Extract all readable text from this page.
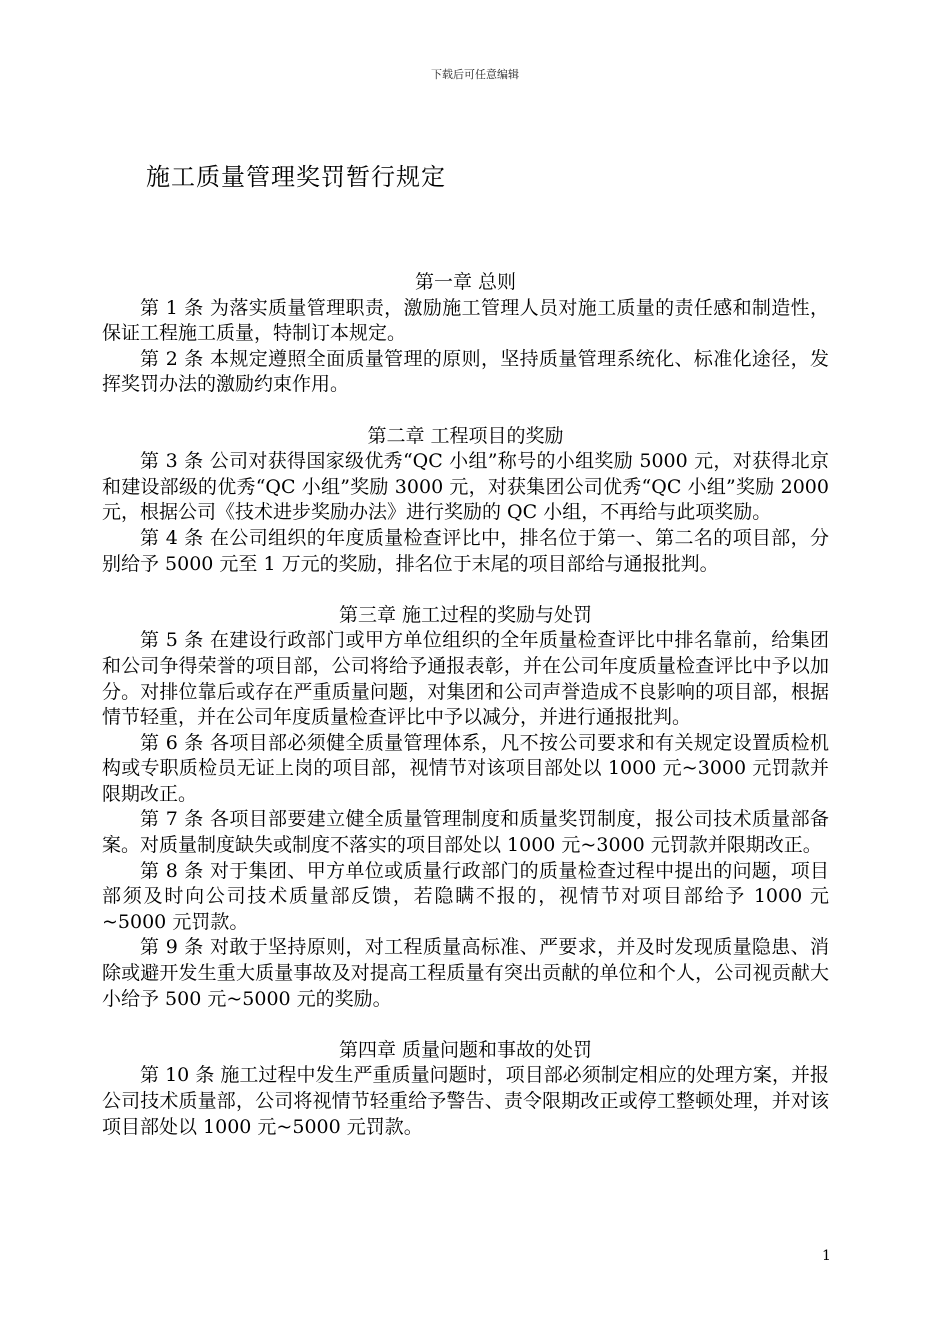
下载后可任意编辑
施工质量管理奖罚暂行规定

第一章 总则

第 1 条 为落实质量管理职责，激励施工管理人员对施工质量的责任感和制造性，保证工程施工质量，特制订本规定。

第 2 条 本规定遵照全面质量管理的原则，坚持质量管理系统化、标准化途径，发挥奖罚办法的激励约束作用。

第二章 工程项目的奖励

第 3 条 公司对获得国家级优秀“QC 小组”称号的小组奖励 5000 元，对获得北京和建设部级的优秀“QC 小组”奖励 3000 元，对获集团公司优秀“QC 小组”奖励 2000 元，根据公司《技术进步奖励办法》进行奖励的 QC 小组，不再给与此项奖励。

第 4 条 在公司组织的年度质量检查评比中，排名位于第一、第二名的项目部，分别给予 5000 元至 1 万元的奖励，排名位于末尾的项目部给与通报批判。

第三章 施工过程的奖励与处罚

第 5 条 在建设行政部门或甲方单位组织的全年质量检查评比中排名靠前，给集团和公司争得荣誉的项目部，公司将给予通报表彰，并在公司年度质量检查评比中予以加分。对排位靠后或存在严重质量问题，对集团和公司声誉造成不良影响的项目部，根据情节轻重，并在公司年度质量检查评比中予以减分，并进行通报批判。

第 6 条 各项目部必须健全质量管理体系，凡不按公司要求和有关规定设置质检机构或专职质检员无证上岗的项目部，视情节对该项目部处以 1000 元~3000 元罚款并限期改正。

第 7 条 各项目部要建立健全质量管理制度和质量奖罚制度，报公司技术质量部备案。对质量制度缺失或制度不落实的项目部处以 1000 元~3000 元罚款并限期改正。

第 8 条 对于集团、甲方单位或质量行政部门的质量检查过程中提出的问题，项目部须及时向公司技术质量部反馈，若隐瞒不报的，视情节对项目部给予 1000 元~5000 元罚款。

第 9 条 对敢于坚持原则，对工程质量高标准、严要求，并及时发现质量隐患、消除或避开发生重大质量事故及对提高工程质量有突出贡献的单位和个人，公司视贡献大小给予 500 元~5000 元的奖励。

第四章 质量问题和事故的处罚

第 10 条 施工过程中发生严重质量问题时，项目部必须制定相应的处理方案，并报公司技术质量部，公司将视情节轻重给予警告、责令限期改正或停工整顿处理，并对该项目部处以 1000 元~5000 元罚款。

1
